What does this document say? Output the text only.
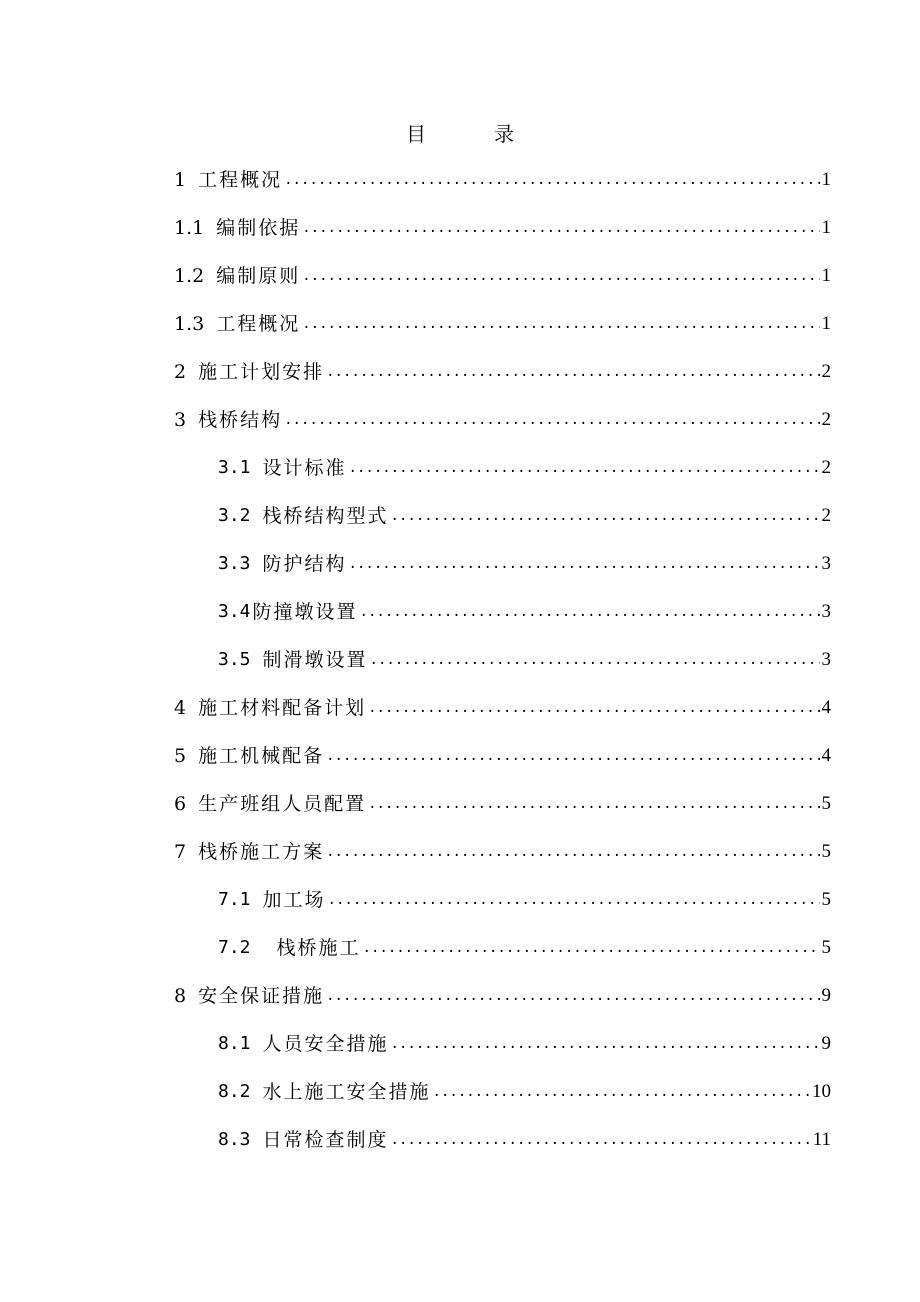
目　录
1 工程概况 .....	1
1.1 编制依据 .....	1
1.2 编制原则 .....	1
1.3 工程概况 .....	1
2 施工计划安排 .....	2
3 栈桥结构 .....	2
3.1 设计标准 .....	2
3.2 栈桥结构型式 .....	2
3.3 防护结构 .....	3
3.4 防撞墩设置 .....	3
3.5 制滑墩设置 .....	3
4 施工材料配备计划 .....	4
5 施工机械配备 .....	4
6 生产班组人员配置 .....	5
7 栈桥施工方案 .....	5
7.1 加工场 .....	5
7.2 栈桥施工 .....	5
8 安全保证措施 .....	9
8.1 人员安全措施 .....	9
8.2 水上施工安全措施 .....	10
8.3 日常检查制度 .....	11
